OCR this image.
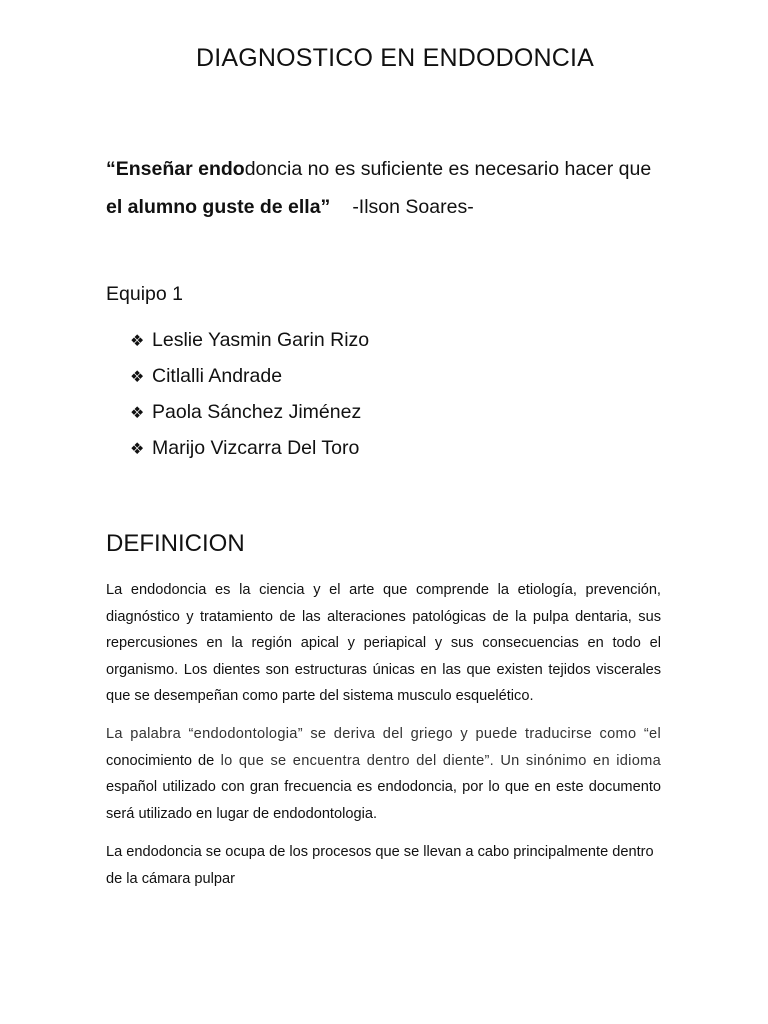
DIAGNOSTICO EN ENDODONCIA

“Enseñar endodoncia no es suficiente es necesario hacer que
el alumno guste de ella” -Ilson Soares-

Equipo 1
❖ Leslie Yasmin Garin Rizo
❖ Citlalli Andrade
❖ Paola Sánchez Jiménez
❖ Marijo Vizcarra Del Toro
DEFINICION

La endodoncia es la ciencia y el arte que comprende la etiología, prevención, diagnóstico y tratamiento de las alteraciones patológicas de la pulpa dentaria, sus repercusiones en la región apical y periapical y sus consecuencias en todo el organismo. Los dientes son estructuras únicas en las que existen tejidos viscerales que se desempeñan como parte del sistema musculo esquelético.

La palabra “endodontologia” se deriva del griego y puede traducirse como “el conocimiento de lo que se encuentra dentro del diente”. Un sinónimo en idioma español utilizado con gran frecuencia es endodoncia, por lo que en este documento será utilizado en lugar de endodontologia.

La endodoncia se ocupa de los procesos que se llevan a cabo principalmente dentro de la cámara pulpar
